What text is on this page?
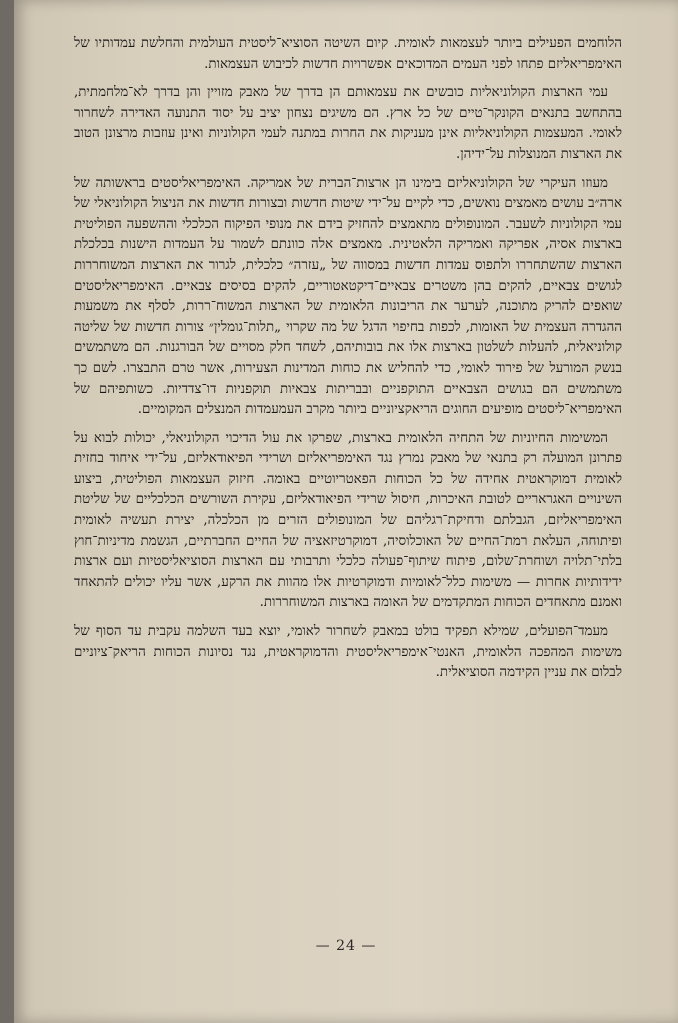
הלוחמים הפעילים ביותר לעצמאות לאומית. קיום השיטה הסוציא־ליסטית העולמית והחלשת עמדותיו של האימפריאליזם פתחו לפני העמים המדוכאים אפשרויות חדשות לכיבוש העצמאות.

עמי הארצות הקולוניאליות כובשים את עצמאותם הן בדרך של מאבק מזויין והן בדרך לא־מלחמתית, בהתחשב בתנאים הקונקר־טיים של כל ארץ. הם משיגים נצחון יציב על יסוד התנועה האדירה לשחרור לאומי. המעצמות הקולוניאליות אינן מעניקות את החרות במתנה לעמי הקולוניות ואינן עוזבות מרצונן הטוב את הארצות המנוצלות על־ידיהן.

מעוזו העיקרי של הקולוניאליזם בימינו הן ארצות־הברית של אמריקה. האימפריאליסטים בראשותה של ארה״ב עושים מאמצים נואשים, כדי לקיים על־ידי שיטות חדשות ובצורות חדשות את הניצול הקולוניאלי של עמי הקולוניות לשעבר. המונופולים מתאמצים להחזיק בידם את מנופי הפיקוח הכלכלי וההשפעה הפוליטית בארצות אסיה, אפריקה ואמריקה הלאטינית. מאמצים אלה כוונתם לשמור על העמדות הישנות בכלכלת הארצות שהשתחררו ולתפוס עמדות חדשות במסווה של „עזרה״ כלכלית, לגרור את הארצות המשוחררות לגושים צבאיים, להקים בהן משטרים צבאיים־דיקטאטוריים, להקים בסיסים צבאיים. האימפריאליסטים שואפים להריק מתוכנה, לערער את הריבונות הלאומית של הארצות המשוח־ררות, לסלף את משמעות ההגדרה העצמית של האומות, לכפות בחיפוי הדגל של מה שקרוי „תלות־גומלין״ צורות חדשות של שליטה קולוניאלית, להעלות לשלטון בארצות אלו את בובותיהם, לשחד חלק מסויים של הבורגנות. הם משתמשים בנשק המורעל של פירוד לאומי, כדי להחליש את כוחות המדינות הצעירות, אשר טרם התבצרו. לשם כך משתמשים הם בגושים הצבאיים התוקפניים ובבריתות צבאיות תוקפניות דו־צדדיות. כשותפיהם של האימפריא־ליסטים מופיעים החוגים הריאקציוניים ביותר מקרב העמעמדות המנצלים המקומיים.

המשימות החיוניות של התחיה הלאומית בארצות, שפרקו את עול הדיכוי הקולוניאלי, יכולות לבוא על פתרונן המועלה רק בתנאי של מאבק נמרץ נגד האימפריאליזם ושרידי הפיאודאליזם, על־ידי איחוד בחזית לאומית דמוקראטית אחידה של כל הכוחות הפאטריוטיים באומה. חיזוק העצמאות הפוליטית, ביצוע השינויים האגראריים לטובת האיכרות, חיסול שרידי הפיאודאליזם, עקירת השורשים הכלכליים של שליטת האימפריאליזם, הגבלתם ודחיקת־רגליהם של המונופולים הזרים מן הכלכלה, יצירת תעשיה לאומית ופיתוחה, העלאת רמת־החיים של האוכלוסיה, דמוקרטיזאציה של החיים החברתיים, הגשמת מדיניות־חוץ בלתי־תלויה ושוחרת־שלום, פיתוח שיתוף־פעולה כלכלי ותרבותי עם הארצות הסוציאליסטיות ועם ארצות ידידותיות אחרות — משימות כלל־לאומיות ודמוקרטיות אלו מהוות את הרקע, אשר עליו יכולים להתאחד ואמנם מתאחדים הכוחות המתקדמים של האומה בארצות המשוחררות.

מעמד־הפועלים, שמילא תפקיד בולט במאבק לשחרור לאומי, יוצא בעד השלמה עקבית עד הסוף של משימות המהפכה הלאומית, האנטי־אימפריאליסטית והדמוקראטית, נגד נסיונות הכוחות הריאק־ציוניים לבלום את עניין הקידמה הסוציאלית.

— 24 —
